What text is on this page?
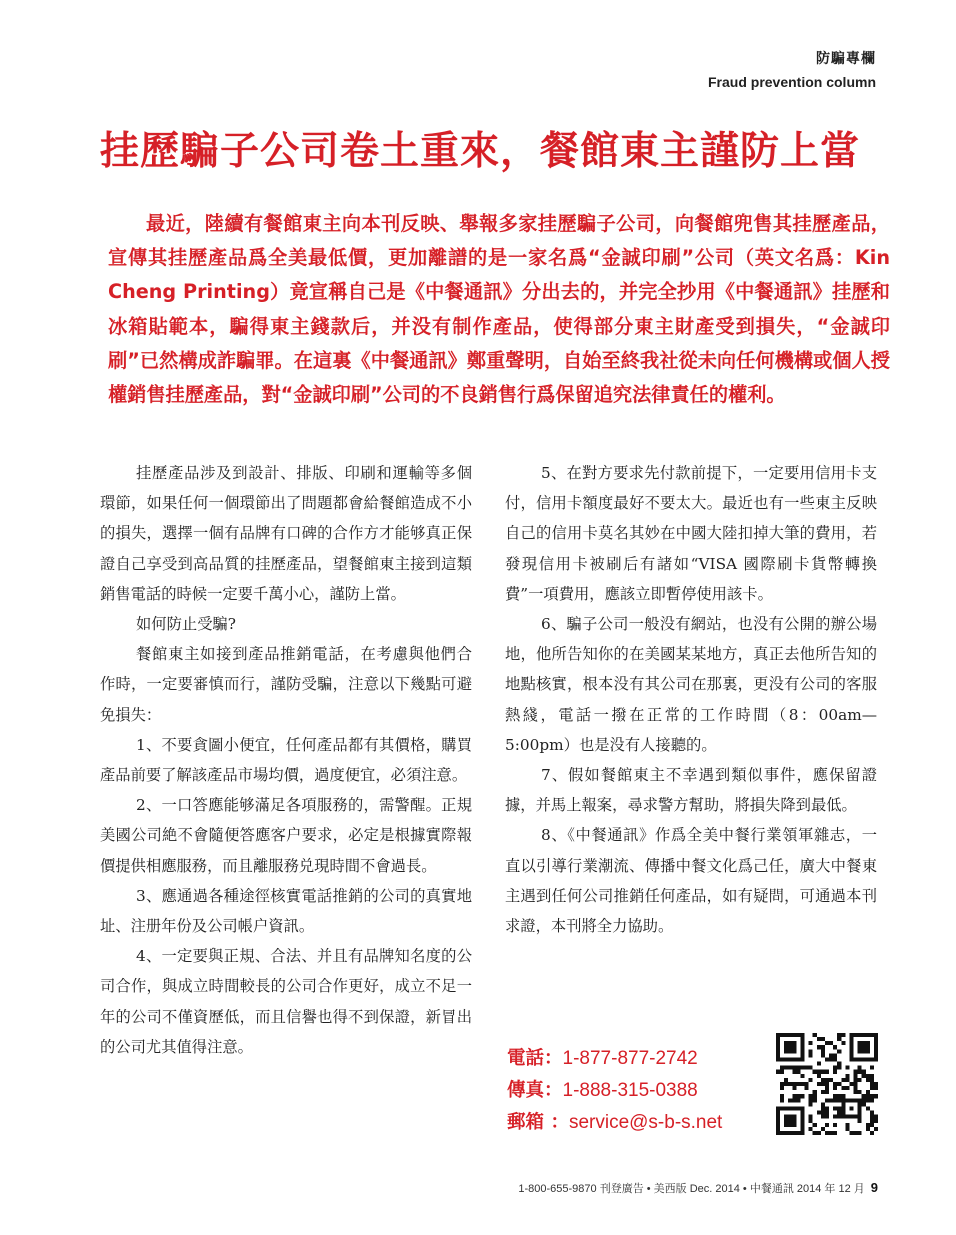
防騙專欄
Fraud prevention column
挂歷騙子公司卷土重來，餐館東主謹防上當

最近，陸續有餐館東主向本刊反映、舉報多家挂歷騙子公司，向餐館兜售其挂歷產品，宣傳其挂歷產品爲全美最低價，更加離譜的是一家名爲“金誠印刷”公司（英文名爲：Kin Cheng Printing）竟宣稱自己是《中餐通訊》分出去的，并完全抄用《中餐通訊》挂歷和冰箱貼範本，騙得東主錢款后，并没有制作產品，使得部分東主財產受到損失，“金誠印刷”已然構成詐騙罪。在這裏《中餐通訊》鄭重聲明，自始至終我社從未向任何機構或個人授權銷售挂歷產品，對“金誠印刷”公司的不良銷售行爲保留追究法律責任的權利。

挂歷產品涉及到設計、排版、印刷和運輸等多個環節，如果任何一個環節出了問題都會給餐館造成不小的損失，選擇一個有品牌有口碑的合作方才能够真正保證自己享受到高品質的挂歷產品，望餐館東主接到這類銷售電話的時候一定要千萬小心，謹防上當。

如何防止受騙?

餐館東主如接到產品推銷電話，在考慮與他們合作時，一定要審慎而行，謹防受騙，注意以下幾點可避免損失：

1、不要貪圖小便宜，任何產品都有其價格，購買產品前要了解該產品市場均價，過度便宜，必須注意。

2、一口答應能够滿足各項服務的，需警醒。正規美國公司絶不會隨便答應客户要求，必定是根據實際報價提供相應服務，而且離服務兑現時間不會過長。

3、應通過各種途徑核實電話推銷的公司的真實地址、注册年份及公司帳户資訊。

4、一定要與正規、合法、并且有品牌知名度的公司合作，與成立時間較長的公司合作更好，成立不足一年的公司不僅資歷低，而且信譽也得不到保證，新冒出的公司尤其值得注意。

5、在對方要求先付款前提下，一定要用信用卡支付，信用卡額度最好不要太大。最近也有一些東主反映自己的信用卡莫名其妙在中國大陸扣掉大筆的費用，若發現信用卡被刷后有諸如“VISA 國際刷卡貨幣轉換費”一項費用，應該立即暫停使用該卡。

6、騙子公司一般没有網站，也没有公開的辦公場地，他所告知你的在美國某某地方，真正去他所告知的地點核實，根本没有其公司在那裏，更没有公司的客服熱綫，電話一撥在正常的工作時間（8：00am—5:00pm）也是没有人接聽的。

7、假如餐館東主不幸遇到類似事件，應保留證據，并馬上報案，尋求警方幫助，將損失降到最低。

8、《中餐通訊》作爲全美中餐行業領軍雜志，一直以引導行業潮流、傳播中餐文化爲己任，廣大中餐東主遇到任何公司推銷任何產品，如有疑問，可通過本刊求證，本刊將全力協助。

電話：1-877-877-2742
傳真：1-888-315-0388
郵箱 ：service@s-b-s.net
1-800-655-9870 刊登廣告 • 美西版 Dec. 2014 • 中餐通訊 2014 年 12 月 9
